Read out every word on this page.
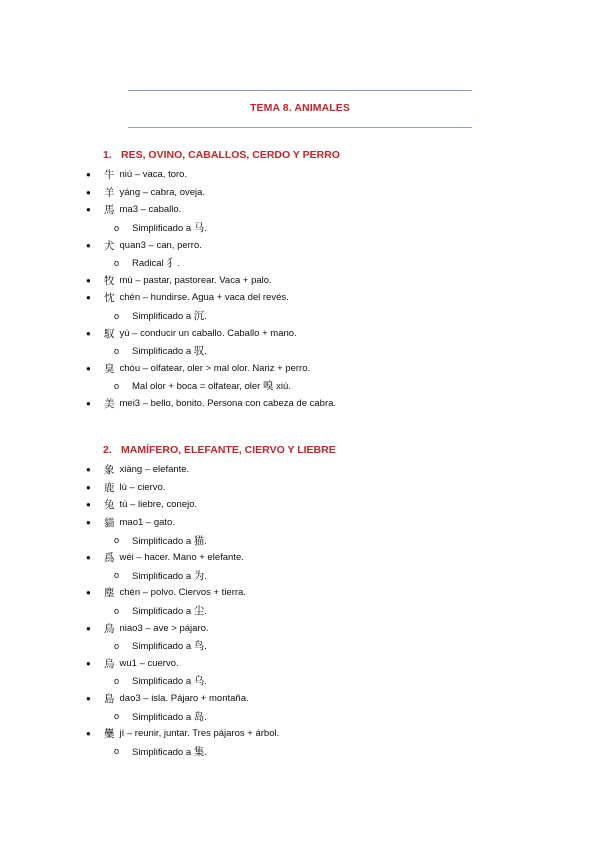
TEMA 8. ANIMALES
1. RES, OVINO, CABALLOS, CERDO Y PERRO
●	牛 niú – vaca, toro.
●	羊 yáng – cabra, oveja.
●	馬 ma3 – caballo.
o	Simplificado a 马.
●	犬 quan3 – can, perro.
o	Radical 犭.
●	牧 mù – pastar, pastorear. Vaca + palo.
●	忱 chén – hundirse. Agua + vaca del revés.
o	Simplificado a 沉.
●	馭 yù – conducir un caballo. Caballo + mano.
o	Simplificado a 驭.
●	臭 chòu – olfatear, oler > mal olor. Nariz + perro.
o	Mal olor + boca = olfatear, oler 嗅 xiù.
●	美 mei3 – bello, bonito. Persona con cabeza de cabra.
2. MAMÍFERO, ELEFANTE, CIERVO Y LIEBRE
●	象 xiàng – elefante.
●	鹿 lù – ciervo.
●	兔 tú – liebre, conejo.
●	貓 mao1 – gato.
o	Simplificado a 猫.
●	爲 wéi – hacer. Mano + elefante.
o	Simplificado a 为.
●	塵 chén – polvo. Ciervos + tierra.
o	Simplificado a 尘.
●	鳥 niao3 – ave > pájaro.
o	Simplificado a 鸟.
●	烏 wu1 – cuervo.
o	Simplificado a 乌.
●	島 dao3 – isla. Pájaro + montaña.
o	Simplificado a 岛.
●	雧 jí – reunir, juntar. Tres pájaros + árbol.
o	Simplificado a 集.
